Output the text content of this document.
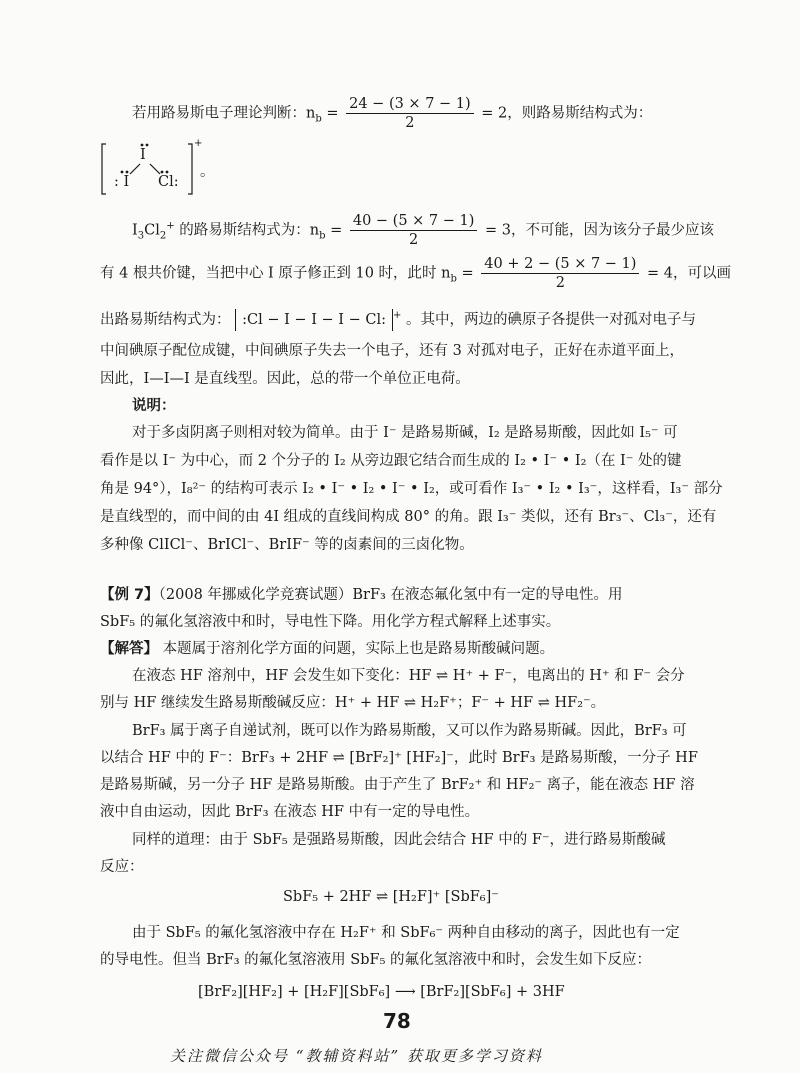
若用路易斯电子理论判断：$n_b = \frac{24 - (3 \times 7 - 1)}{2} = 2$，则路易斯结构式为：
I
: I Cl:
+
。
$I_3Cl_2^+$ 的路易斯结构式为：$n_b = \frac{40 - (5 \times 7 - 1)}{2} = 3$，不可能，因为该分子最少应该
有 4 根共价键，当把中心 I 原子修正到 10 时，此时 $n_b = \frac{40 + 2 - (5 \times 7 - 1)}{2} = 4$，可以画
出路易斯结构式为： :Cl − I − I − I − Cl: + 。其中，两边的碘原子各提供一对孤对电子与
中间碘原子配位成键，中间碘原子失去一个电子，还有 3 对孤对电子，正好在赤道平面上，
因此，I—I—I 是直线型。因此，总的带一个单位正电荷。
说明：
对于多卤阴离子则相对较为简单。由于 I⁻ 是路易斯碱，I₂ 是路易斯酸，因此如 I₅⁻ 可
看作是以 I⁻ 为中心，而 2 个分子的 I₂ 从旁边跟它结合而生成的 I₂ • I⁻ • I₂（在 I⁻ 处的键
角是 94°），I₈²⁻ 的结构可表示 I₂ • I⁻ • I₂ • I⁻ • I₂，或可看作 I₃⁻ • I₂ • I₃⁻，这样看，I₃⁻ 部分
是直线型的，而中间的由 4I 组成的直线间构成 80° 的角。跟 I₃⁻ 类似，还有 Br₃⁻、Cl₃⁻，还有
多种像 ClICl⁻、BrICl⁻、BrIF⁻ 等的卤素间的三卤化物。
【例 7】（2008 年挪威化学竞赛试题）BrF₃ 在液态氟化氢中有一定的导电性。用
SbF₅ 的氟化氢溶液中和时，导电性下降。用化学方程式解释上述事实。
【解答】 本题属于溶剂化学方面的问题，实际上也是路易斯酸碱问题。
在液态 HF 溶剂中，HF 会发生如下变化：HF ⇌ H⁺ + F⁻，电离出的 H⁺ 和 F⁻ 会分
别与 HF 继续发生路易斯酸碱反应：H⁺ + HF ⇌ H₂F⁺；F⁻ + HF ⇌ HF₂⁻。
BrF₃ 属于离子自递试剂，既可以作为路易斯酸，又可以作为路易斯碱。因此，BrF₃ 可
以结合 HF 中的 F⁻：BrF₃ + 2HF ⇌ [BrF₂]⁺ [HF₂]⁻，此时 BrF₃ 是路易斯酸，一分子 HF
是路易斯碱，另一分子 HF 是路易斯酸。由于产生了 BrF₂⁺ 和 HF₂⁻ 离子，能在液态 HF 溶
液中自由运动，因此 BrF₃ 在液态 HF 中有一定的导电性。
同样的道理：由于 SbF₅ 是强路易斯酸，因此会结合 HF 中的 F⁻，进行路易斯酸碱
反应：
SbF₅ + 2HF ⇌ [H₂F]⁺ [SbF₆]⁻
由于 SbF₅ 的氟化氢溶液中存在 H₂F⁺ 和 SbF₆⁻ 两种自由移动的离子，因此也有一定
的导电性。但当 BrF₃ 的氟化氢溶液用 SbF₅ 的氟化氢溶液中和时，会发生如下反应：
[BrF₂][HF₂] + [H₂F][SbF₆] ⟶ [BrF₂][SbF₆] + 3HF
78
关注微信公众号 “教辅资料站” 获取更多学习资料
